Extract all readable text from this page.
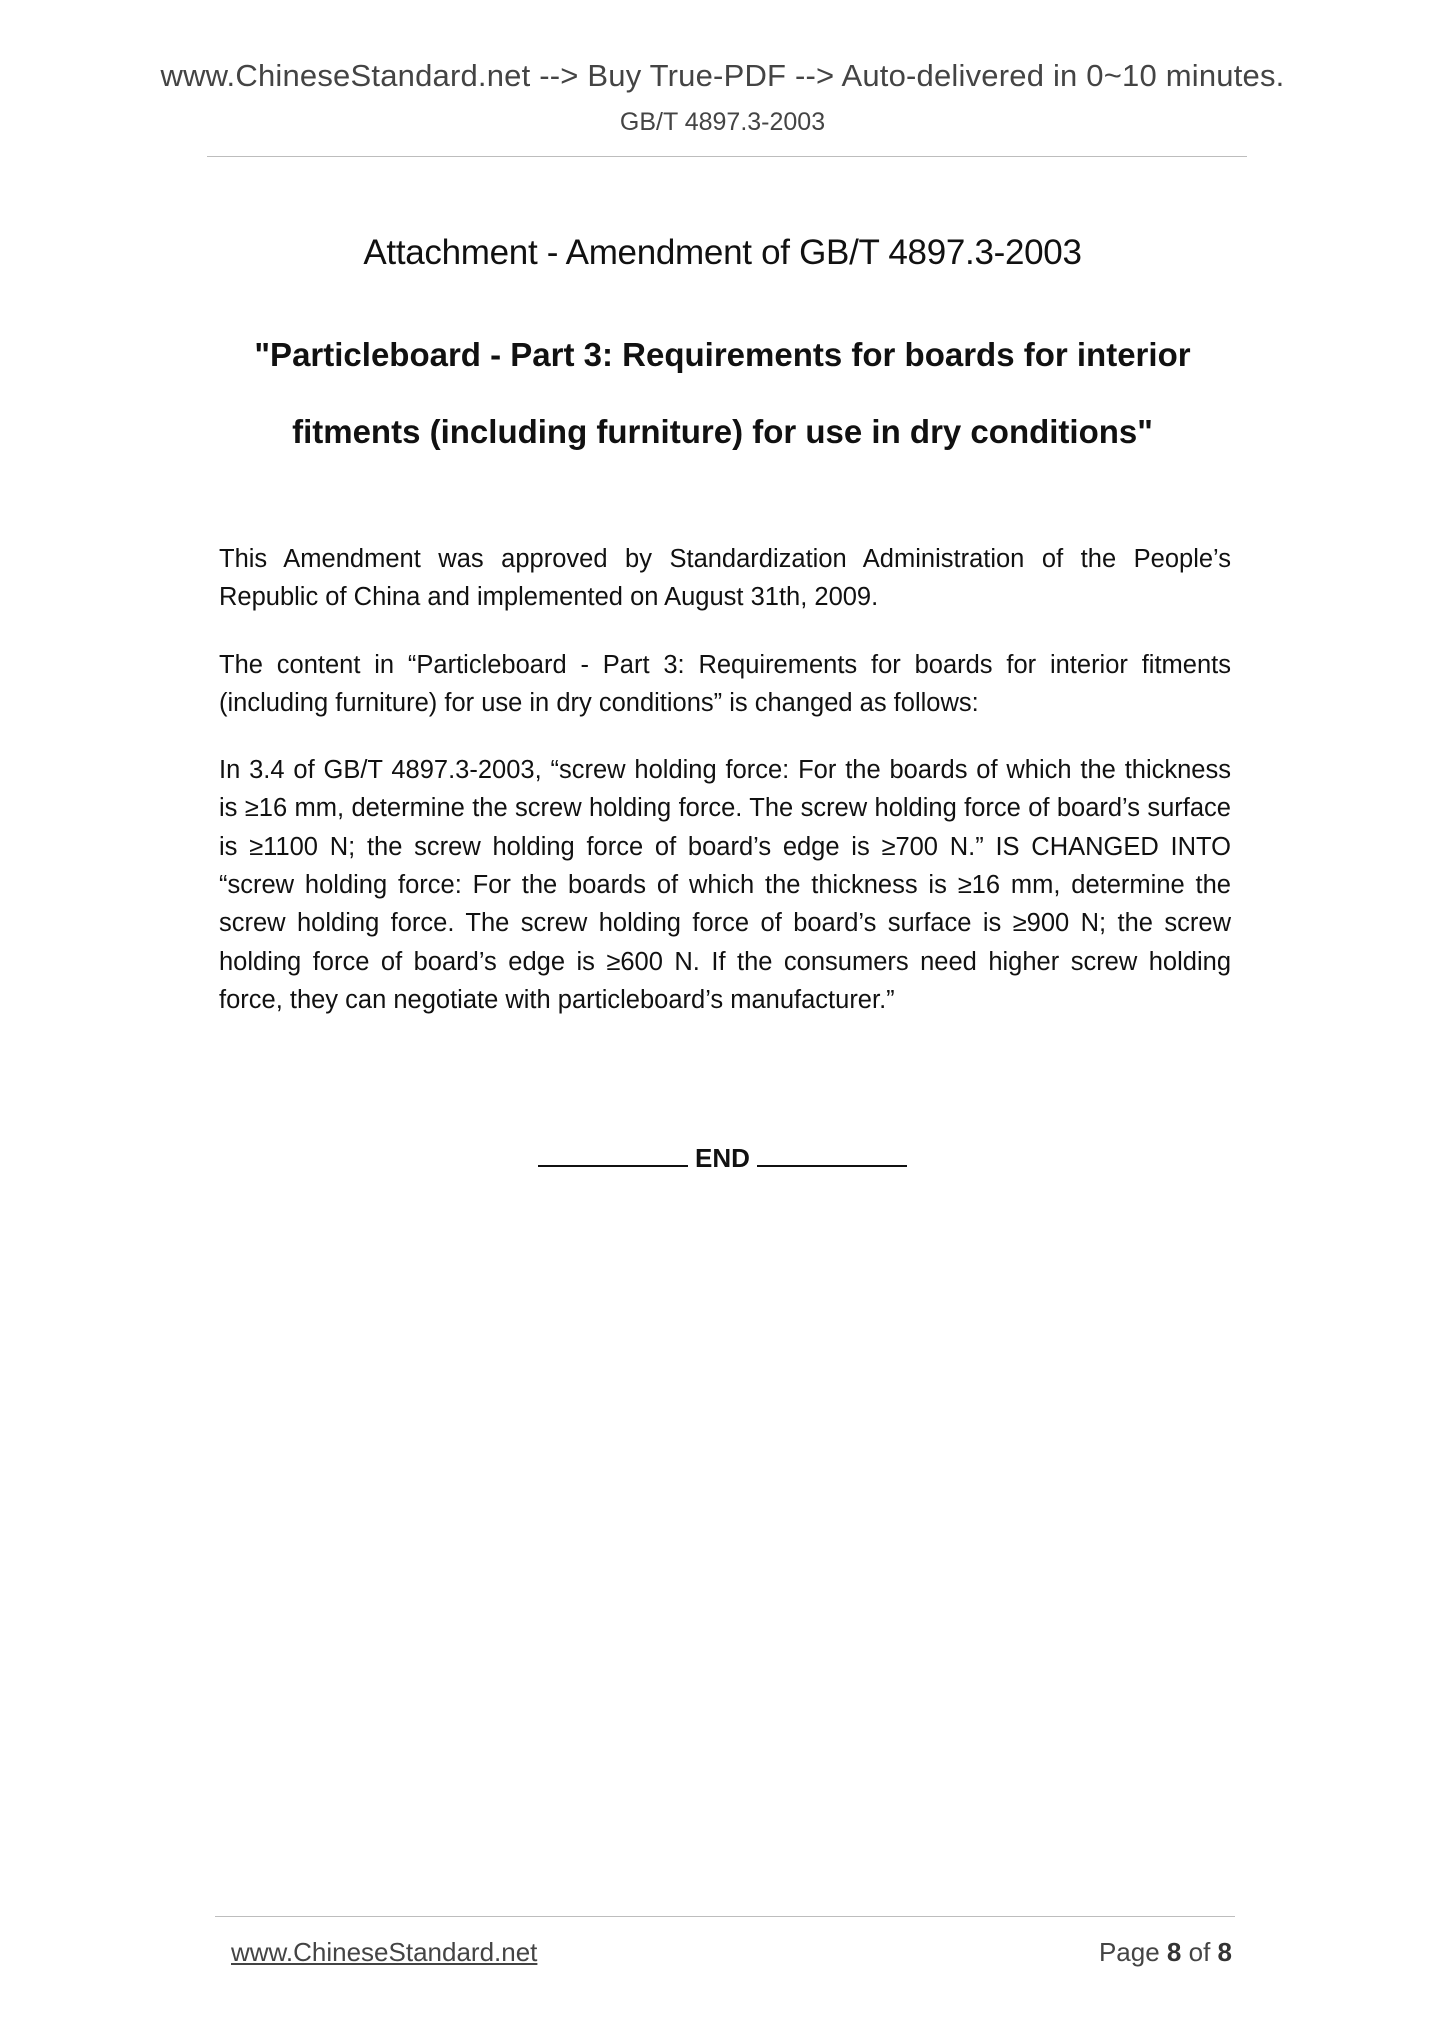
www.ChineseStandard.net --> Buy True-PDF --> Auto-delivered in 0~10 minutes.
GB/T 4897.3-2003
Attachment - Amendment of GB/T 4897.3-2003
"Particleboard - Part 3: Requirements for boards for interior
fitments (including furniture) for use in dry conditions"

This Amendment was approved by Standardization Administration of the People’s Republic of China and implemented on August 31th, 2009.

The content in “Particleboard - Part 3: Requirements for boards for interior fitments (including furniture) for use in dry conditions” is changed as follows:

In 3.4 of GB/T 4897.3-2003, “screw holding force: For the boards of which the thickness is ≥16 mm, determine the screw holding force. The screw holding force of board’s surface is ≥1100 N; the screw holding force of board’s edge is ≥700 N.” IS CHANGED INTO “screw holding force: For the boards of which the thickness is ≥16 mm, determine the screw holding force. The screw holding force of board’s surface is ≥900 N; the screw holding force of board’s edge is ≥600 N. If the consumers need higher screw holding force, they can negotiate with particleboard’s manufacturer.”

END
www.ChineseStandard.net	Page 8 of 8
